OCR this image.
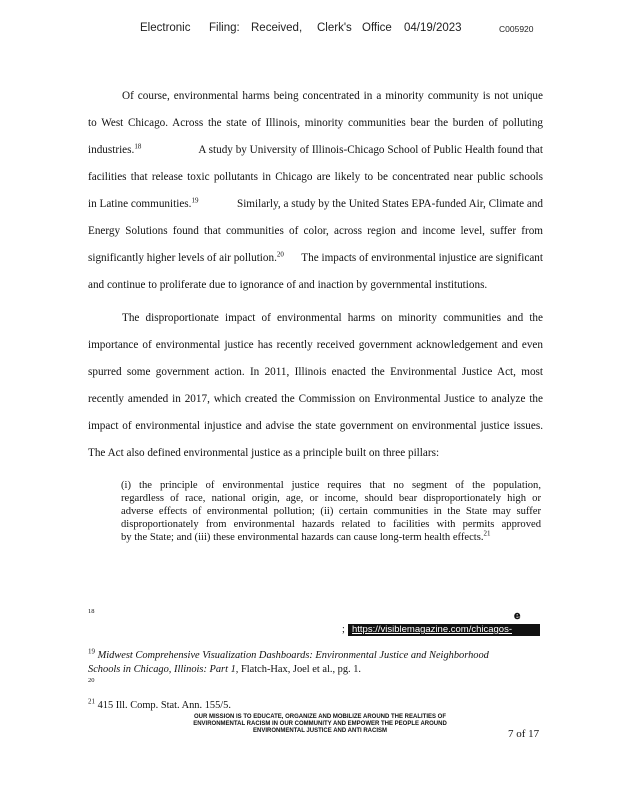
Electronic Filing: Received, Clerk's Office 04/19/2023	C005920
Of course, environmental harms being concentrated in a minority community is not unique
to West Chicago. Across the state of Illinois, minority communities bear the burden of polluting
industries.$^{18}$	A study by University of Illinois-Chicago School of Public Health found that
facilities that release toxic pollutants in Chicago are likely to be concentrated near public schools
in Latine communities.$^{19}$	Similarly, a study by the United States EPA-funded Air, Climate and
Energy Solutions found that communities of color, across region and income level, suffer from
significantly higher levels of air pollution.$^{20}$ The impacts of environmental injustice are significant
and continue to proliferate due to ignorance of and inaction by governmental institutions.
The disproportionate impact of environmental harms on minority communities and the
importance of environmental justice has recently received government acknowledgement and even
spurred some government action. In 2011, Illinois enacted the Environmental Justice Act, most
recently amended in 2017, which created the Commission on Environmental Justice to analyze the
impact of environmental injustice and advise the state government on environmental justice issues.
The Act also defined environmental justice as a principle built on three pillars:
(i) the principle of environmental justice requires that no segment of the population,
regardless of race, national origin, age, or income, should bear disproportionately high or
adverse effects of environmental pollution; (ii) certain communities in the State may suffer
disproportionately from environmental hazards related to facilities with permits approved
by the State; and (iii) these environmental hazards can cause long-term health effects.$^{21}$
18	𝐞
; https://visiblemagazine.com/chicagos-
$^{19}$ Midwest Comprehensive Visualization Dashboards: Environmental Justice and Neighborhood
Schools in Chicago, Illinois: Part 1, Flatch-Hax, Joel et al., pg. 1.
20
$^{21}$ 415 Ill. Comp. Stat. Ann. 155/5.
OUR MISSION IS TO EDUCATE, ORGANIZE AND MOBILIZE AROUND THE REALITIES OF
ENVIRONMENTAL RACISM IN OUR COMMUNITY AND EMPOWER THE PEOPLE AROUND
ENVIRONMENTAL JUSTICE AND ANTI RACISM	7 of 17
